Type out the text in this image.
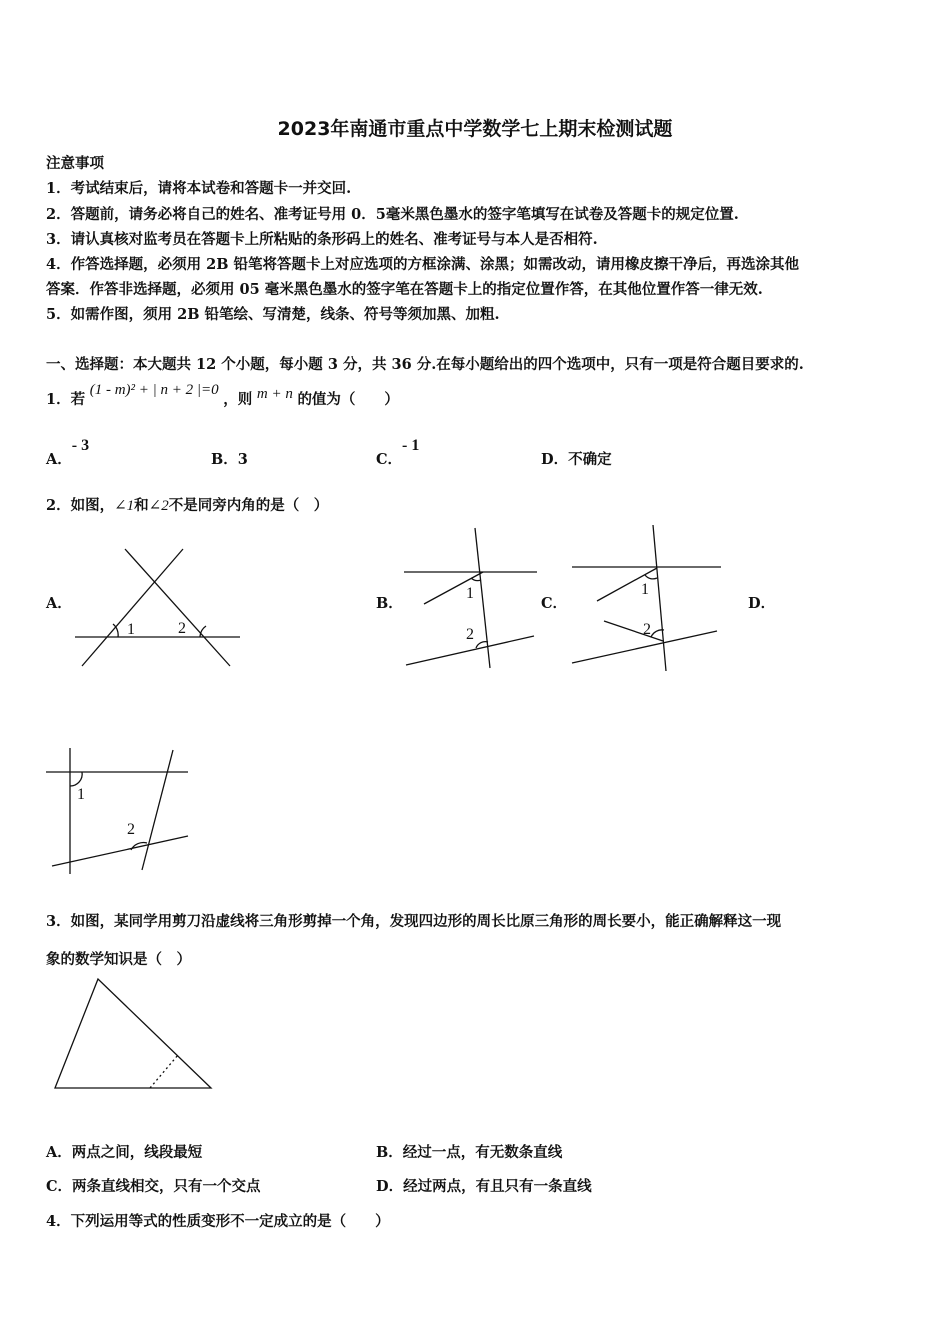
2023年南通市重点中学数学七上期末检测试题
注意事项
1．考试结束后，请将本试卷和答题卡一并交回.
2．答题前，请务必将自己的姓名、准考证号用 0．5毫米黑色墨水的签字笔填写在试卷及答题卡的规定位置.
3．请认真核对监考员在答题卡上所粘贴的条形码上的姓名、准考证号与本人是否相符.
4．作答选择题，必须用 2B 铅笔将答题卡上对应选项的方框涂满、涂黑；如需改动，请用橡皮擦干净后，再选涂其他
答案．作答非选择题，必须用 05 毫米黑色墨水的签字笔在答题卡上的指定位置作答，在其他位置作答一律无效.
5．如需作图，须用 2B 铅笔绘、写清楚，线条、符号等须加黑、加粗.
一、选择题：本大题共 12 个小题，每小题 3 分，共 36 分.在每小题给出的四个选项中，只有一项是符合题目要求的.
1．若 (1 - m)² + | n + 2 |=0 ，则 m + n 的值为（　　）
A．- 3
B．3	C．- 1
D．不确定
2．如图，∠1和∠2不是同旁内角的是（　）
A．	B．	C．	D．
1	2
1
2
1
2
1
2
3．如图，某同学用剪刀沿虚线将三角形剪掉一个角，发现四边形的周长比原三角形的周长要小，能正确解释这一现
象的数学知识是（　）
A．两点之间，线段最短	B．经过一点，有无数条直线
C．两条直线相交，只有一个交点	D．经过两点，有且只有一条直线
4．下列运用等式的性质变形不一定成立的是（　　）
